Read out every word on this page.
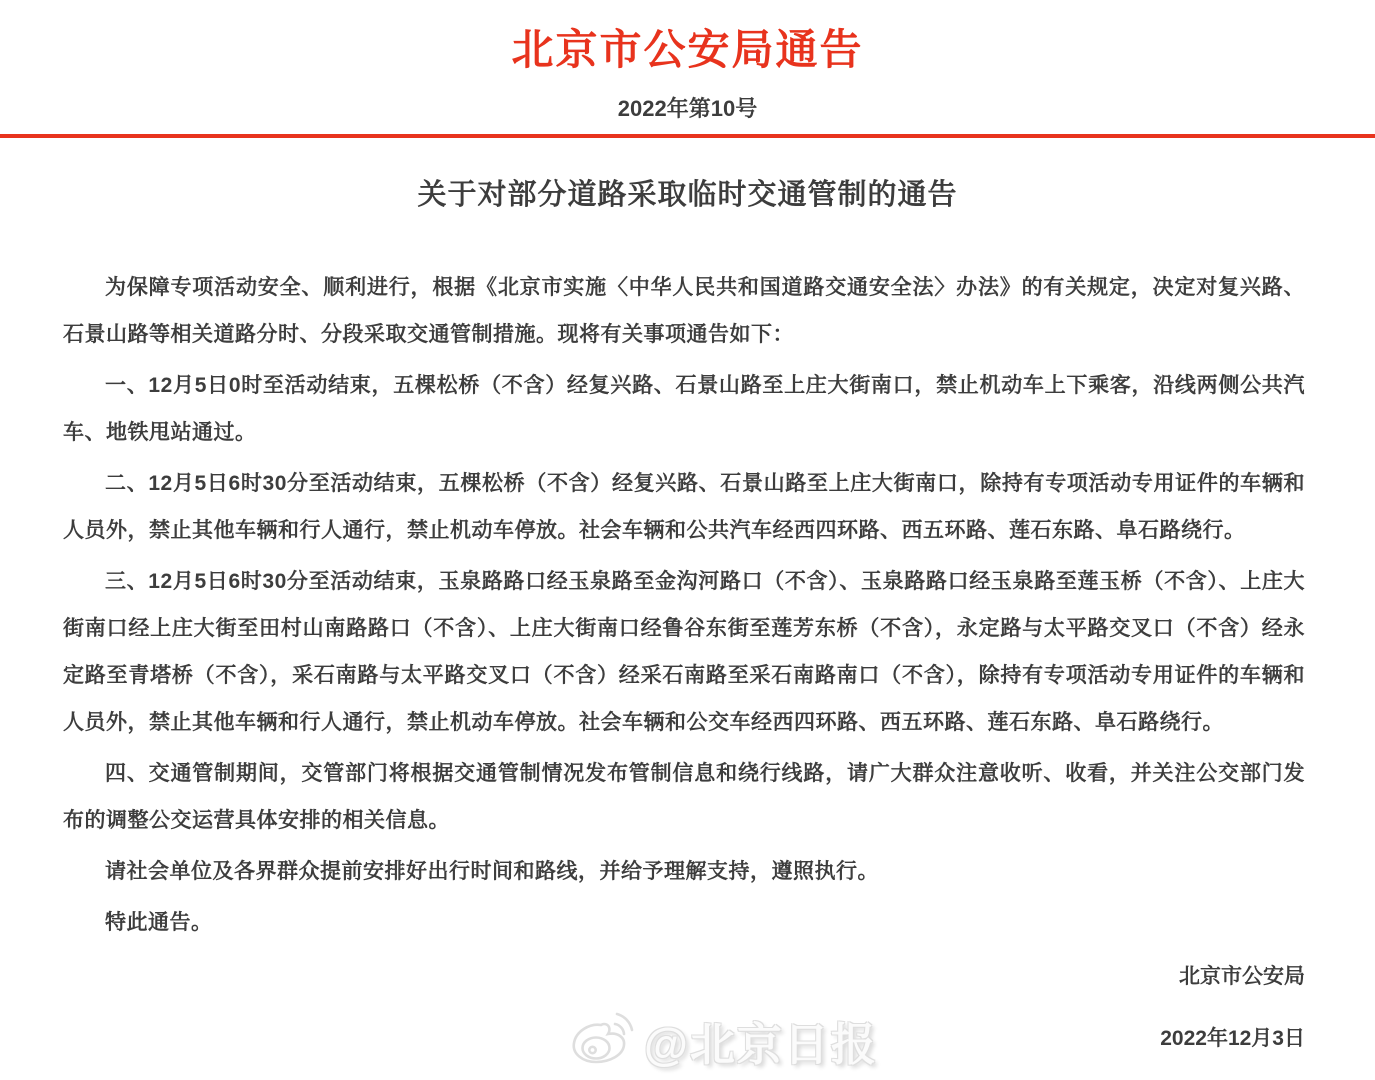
北京市公安局通告
2022年第10号
关于对部分道路采取临时交通管制的通告

为保障专项活动安全、顺利进行，根据《北京市实施〈中华人民共和国道路交通安全法〉办法》的有关规定，决定对复兴路、石景山路等相关道路分时、分段采取交通管制措施。现将有关事项通告如下：

一、12月5日0时至活动结束，五棵松桥（不含）经复兴路、石景山路至上庄大街南口，禁止机动车上下乘客，沿线两侧公共汽车、地铁甩站通过。

二、12月5日6时30分至活动结束，五棵松桥（不含）经复兴路、石景山路至上庄大街南口，除持有专项活动专用证件的车辆和人员外，禁止其他车辆和行人通行，禁止机动车停放。社会车辆和公共汽车经西四环路、西五环路、莲石东路、阜石路绕行。

三、12月5日6时30分至活动结束，玉泉路路口经玉泉路至金沟河路口（不含）、玉泉路路口经玉泉路至莲玉桥（不含）、上庄大街南口经上庄大街至田村山南路路口（不含）、上庄大街南口经鲁谷东街至莲芳东桥（不含），永定路与太平路交叉口（不含）经永定路至青塔桥（不含），采石南路与太平路交叉口（不含）经采石南路至采石南路南口（不含），除持有专项活动专用证件的车辆和人员外，禁止其他车辆和行人通行，禁止机动车停放。社会车辆和公交车经西四环路、西五环路、莲石东路、阜石路绕行。

四、交通管制期间，交管部门将根据交通管制情况发布管制信息和绕行线路，请广大群众注意收听、收看，并关注公交部门发布的调整公交运营具体安排的相关信息。

请社会单位及各界群众提前安排好出行时间和路线，并给予理解支持，遵照执行。

特此通告。

北京市公安局
2022年12月3日
@北京日报
